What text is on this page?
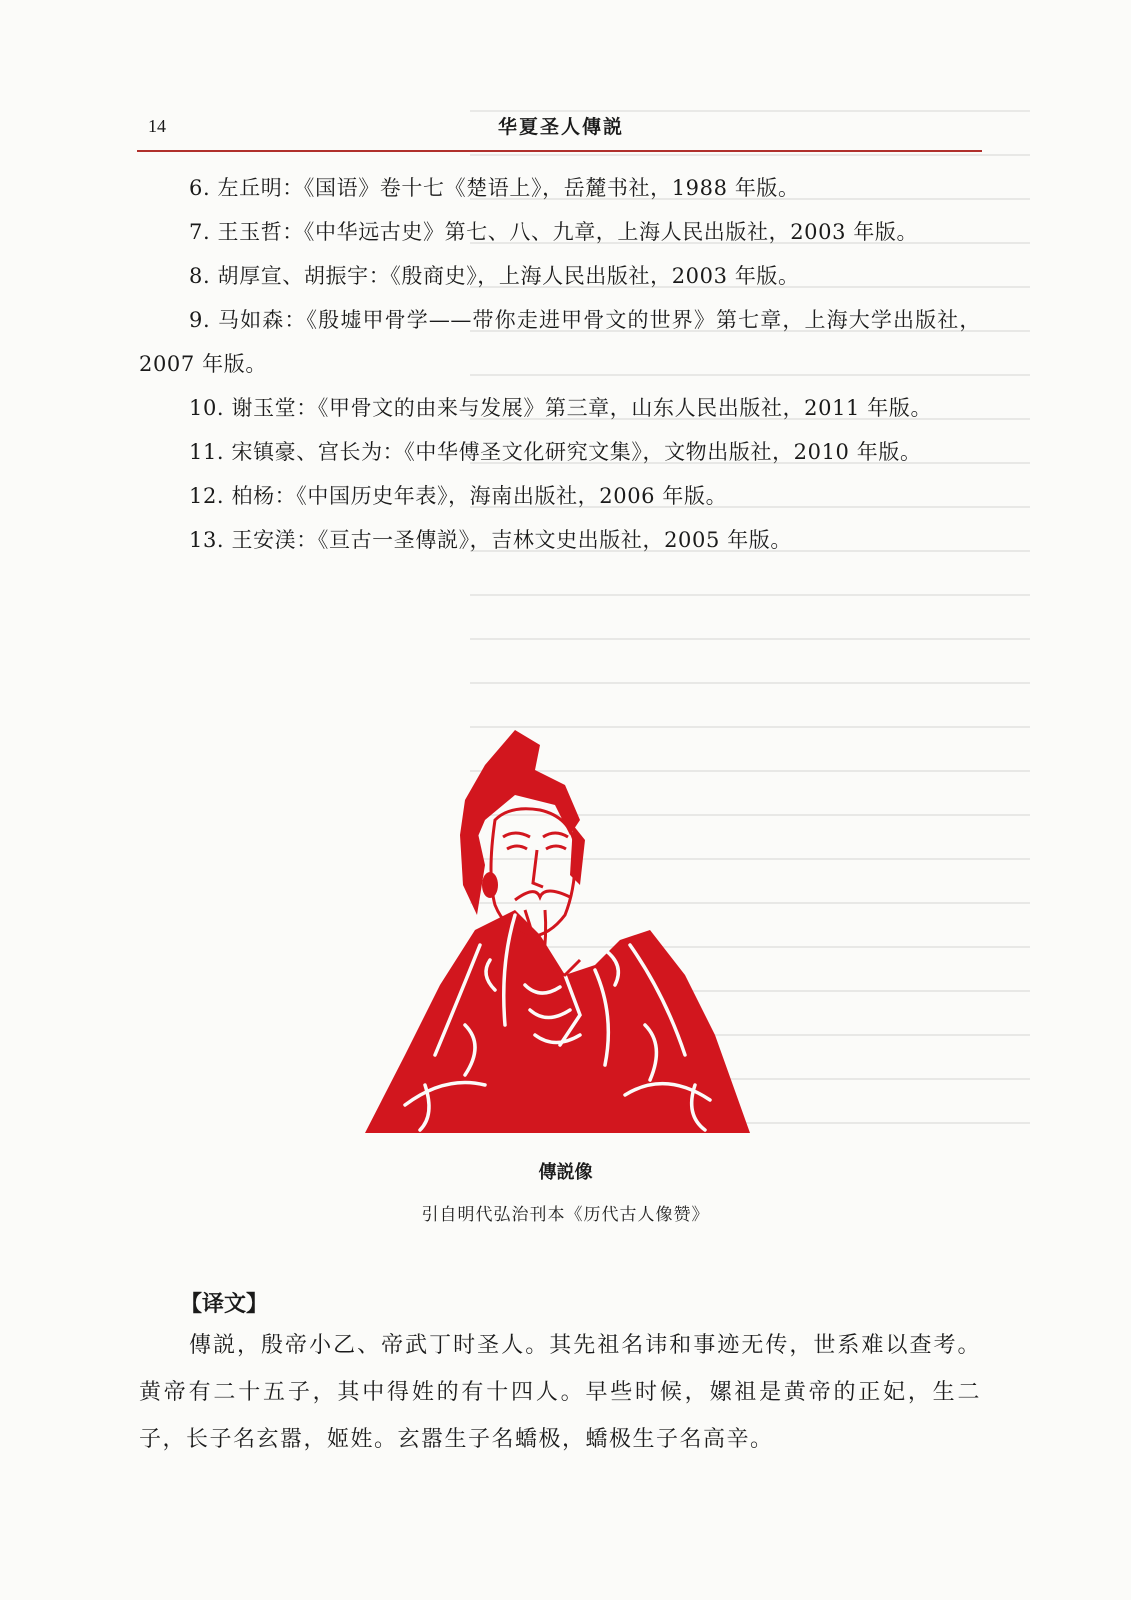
14	华夏圣人傳説

6. 左丘明：《国语》卷十七《楚语上》，岳麓书社，1988 年版。

7. 王玉哲：《中华远古史》第七、八、九章，上海人民出版社，2003 年版。

8. 胡厚宣、胡振宇：《殷商史》，上海人民出版社，2003 年版。

9. 马如森：《殷墟甲骨学——带你走进甲骨文的世界》第七章，上海大学出版社，2007 年版。

10. 谢玉堂：《甲骨文的由来与发展》第三章，山东人民出版社，2011 年版。

11. 宋镇豪、宫长为：《中华傅圣文化研究文集》，文物出版社，2010 年版。

12. 柏杨：《中国历史年表》，海南出版社，2006 年版。

13. 王安渼：《亘古一圣傳説》，吉林文史出版社，2005 年版。

傳説像
引自明代弘治刊本《历代古人像赞》
【译文】

傳説，殷帝小乙、帝武丁时圣人。其先祖名讳和事迹无传，世系难以查考。黄帝有二十五子，其中得姓的有十四人。早些时候，嫘祖是黄帝的正妃，生二子，长子名玄嚣，姬姓。玄嚣生子名蟜极，蟜极生子名高辛。
